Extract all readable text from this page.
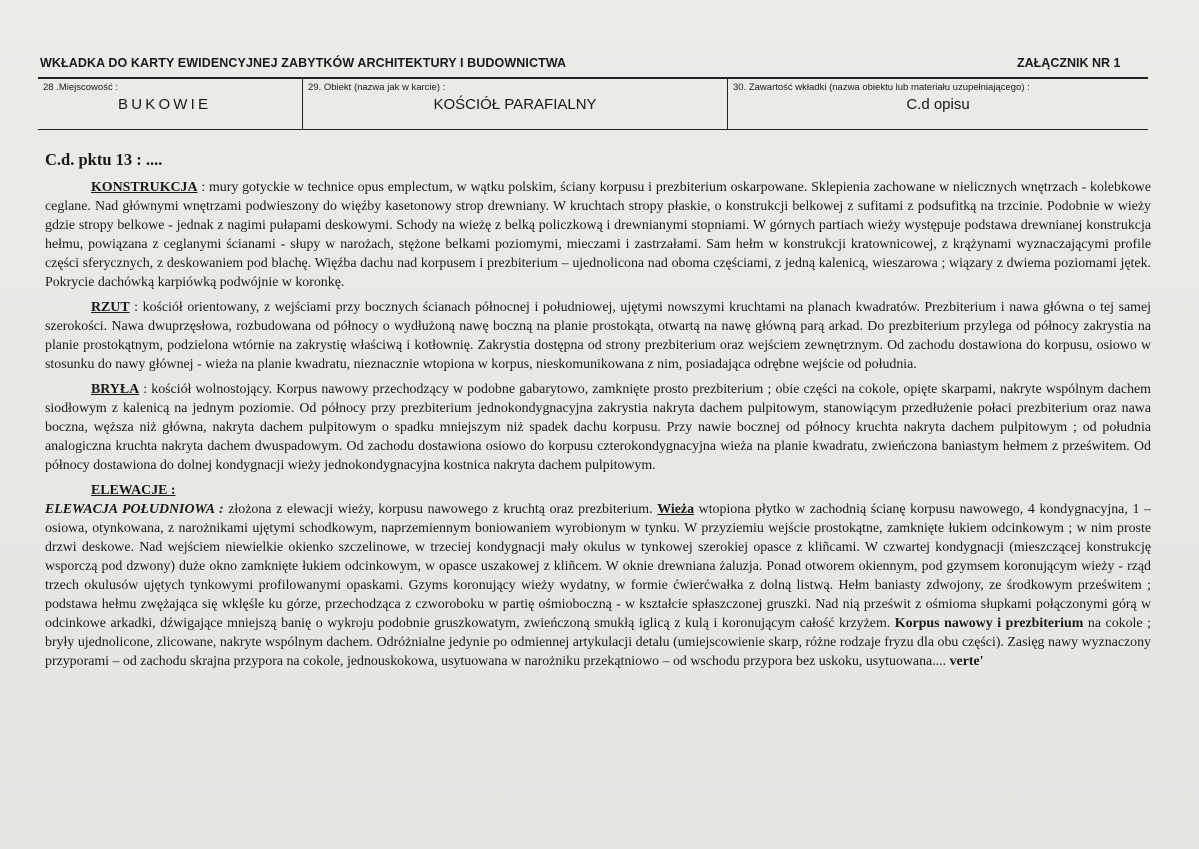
WKŁADKA DO KARTY EWIDENCYJNEJ ZABYTKÓW ARCHITEKTURY I BUDOWNICTWA	ZAŁĄCZNIK NR 1
28 .Miejscowość :
BUKOWIE
29. Obiekt (nazwa jak w karcie) :
KOŚCIÓŁ PARAFIALNY
30. Zawartość wkładki (nazwa obiektu lub materiału uzupełniającego) :
C.d opisu
C.d. pktu 13 : ....

KONSTRUKCJA : mury gotyckie w technice opus emplectum, w wątku polskim, ściany korpusu i prezbiterium oskarpowane. Sklepienia zachowane w nielicznych wnętrzach - kolebkowe ceglane. Nad głównymi wnętrzami podwieszony do więźby kasetonowy strop drewniany. W kruchtach stropy płaskie, o konstrukcji belkowej z sufitami z podsufitką na trzcinie. Podobnie w wieży gdzie stropy belkowe - jednak z nagimi pułapami deskowymi. Schody na wieżę z belką policzkową i drewnianymi stopniami. W górnych partiach wieży występuje podstawa drewnianej konstrukcja hełmu, powiązana z ceglanymi ścianami - słupy w narożach, stężone belkami poziomymi, mieczami i zastrzałami. Sam hełm w konstrukcji kratownicowej, z krążynami wyznaczającymi profile części sferycznych, z deskowaniem pod blachę. Więźba dachu nad korpusem i prezbiterium – ujednolicona nad oboma częściami, z jedną kalenicą, wieszarowa ; wiązary z dwiema poziomami jętek. Pokrycie dachówką karpiówką podwójnie w koronkę.

RZUT : kościół orientowany, z wejściami przy bocznych ścianach północnej i południowej, ujętymi nowszymi kruchtami na planach kwadratów. Prezbiterium i nawa główna o tej samej szerokości. Nawa dwuprzęsłowa, rozbudowana od północy o wydłużoną nawę boczną na planie prostokąta, otwartą na nawę główną parą arkad. Do prezbiterium przylega od północy zakrystia na planie prostokątnym, podzielona wtórnie na zakrystię właściwą i kotłownię. Zakrystia dostępna od strony prezbiterium oraz wejściem zewnętrznym. Od zachodu dostawiona do korpusu, osiowo w stosunku do nawy głównej - wieża na planie kwadratu, nieznacznie wtopiona w korpus, nieskomunikowana z nim, posiadająca odrębne wejście od południa.

BRYŁA : kościół wolnostojący. Korpus nawowy przechodzący w podobne gabarytowo, zamknięte prosto prezbiterium ; obie części na cokole, opięte skarpami, nakryte wspólnym dachem siodłowym z kalenicą na jednym poziomie. Od północy przy prezbiterium jednokondygnacyjna zakrystia nakryta dachem pulpitowym, stanowiącym przedłużenie połaci prezbiterium oraz nawa boczna, węższa niż główna, nakryta dachem pulpitowym o spadku mniejszym niż spadek dachu korpusu. Przy nawie bocznej od północy kruchta nakryta dachem pulpitowym ; od południa analogiczna kruchta nakryta dachem dwuspadowym. Od zachodu dostawiona osiowo do korpusu czterokondygnacyjna wieża na planie kwadratu, zwieńczona baniastym hełmem z prześwitem. Od północy dostawiona do dolnej kondygnacji wieży jednokondygnacyjna kostnica nakryta dachem pulpitowym.

ELEWACJE :

ELEWACJA POŁUDNIOWA : złożona z elewacji wieży, korpusu nawowego z kruchtą oraz prezbiterium. Wieża wtopiona płytko w zachodnią ścianę korpusu nawowego, 4 kondygnacyjna, 1 –osiowa, otynkowana, z narożnikami ujętymi schodkowym, naprzemiennym boniowaniem wyrobionym w tynku. W przyziemiu wejście prostokątne, zamknięte łukiem odcinkowym ; w nim proste drzwi deskowe. Nad wejściem niewielkie okienko szczelinowe, w trzeciej kondygnacji mały okulus w tynkowej szerokiej opasce z kliñcami. W czwartej kondygnacji (mieszczącej konstrukcję wsporczą pod dzwony) duże okno zamknięte łukiem odcinkowym, w opasce uszakowej z kliñcem. W oknie drewniana żaluzja. Ponad otworem okiennym, pod gzymsem koronującym wieży - rząd trzech okulusów ujętych tynkowymi profilowanymi opaskami. Gzyms koronujący wieży wydatny, w formie ćwierćwałka z dolną listwą. Hełm baniasty zdwojony, ze środkowym prześwitem ; podstawa hełmu zwężająca się wklęśle ku górze, przechodząca z czworoboku w partię ośmioboczną - w kształcie spłaszczonej gruszki. Nad nią prześwit z ośmioma słupkami połączonymi górą w odcinkowe arkadki, dźwigające mniejszą banię o wykroju podobnie gruszkowatym, zwieńczoną smukłą iglicą z kulą i koronującym całość krzyżem. Korpus nawowy i prezbiterium na cokole ; bryły ujednolicone, zlicowane, nakryte wspólnym dachem. Odróżnialne jedynie po odmiennej artykulacji detalu (umiejscowienie skarp, różne rodzaje fryzu dla obu części). Zasięg nawy wyznaczony przyporami – od zachodu skrajna przypora na cokole, jednouskokowa, usytuowana w narożniku przekątniowo – od wschodu przypora bez uskoku, usytuowana.... verte'
